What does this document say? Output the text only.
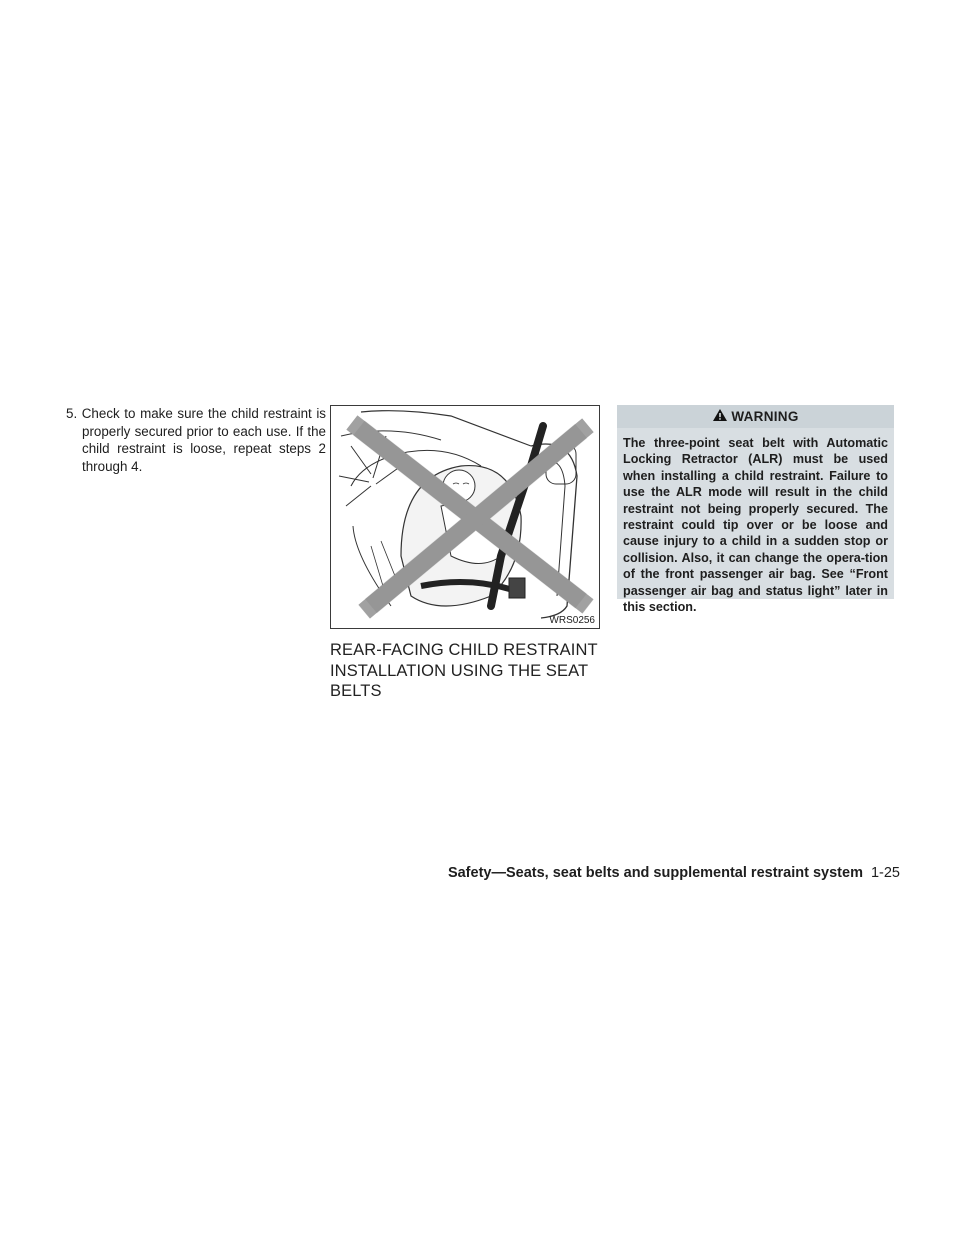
5. Check to make sure the child restraint is properly secured prior to each use. If the child restraint is loose, repeat steps 2 through 4.
WRS0256
REAR-FACING CHILD RESTRAINT INSTALLATION USING THE SEAT BELTS
WARNING
The three-point seat belt with Automatic Locking Retractor (ALR) must be used when installing a child restraint. Failure to use the ALR mode will result in the child restraint not being properly secured. The restraint could tip over or be loose and cause injury to a child in a sudden stop or collision. Also, it can change the opera-tion of the front passenger air bag. See “Front passenger air bag and status light” later in this section.
Safety—Seats, seat belts and supplemental restraint system 1-25
